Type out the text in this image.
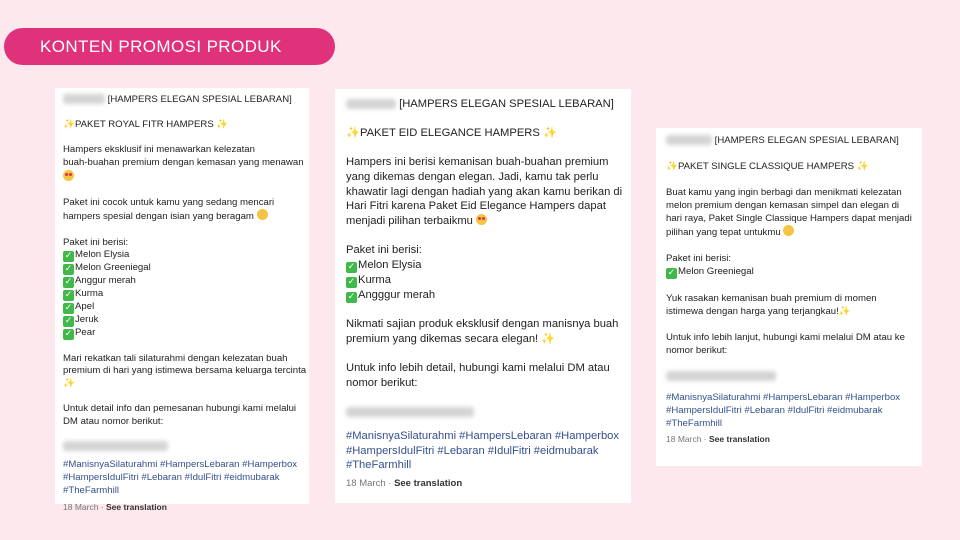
KONTEN PROMOSI PRODUK

[HAMPERS ELEGAN SPESIAL LEBARAN]

✨PAKET ROYAL FITR HAMPERS ✨

Hampers eksklusif ini menawarkan kelezatan
buah-buahan premium dengan kemasan yang menawan

Paket ini cocok untuk kamu yang sedang mencari
hampers spesial dengan isian yang beragam

Paket ini berisi:

✓ Melon Elysia

✓ Melon Greeniegal

✓ Anggur merah

✓ Kurma

✓ Apel

✓ Jeruk

✓ Pear

Mari rekatkan tali silaturahmi dengan kelezatan buah
premium di hari yang istimewa bersama keluarga tercinta
✨

Untuk detail info dan pemesanan hubungi kami melalui
DM atau nomor berikut:

#ManisnyaSilaturahmi #HampersLebaran #Hamperbox
#HampersIdulFitri #Lebaran #IdulFitri #eidmubarak
#TheFarmhill

18 March · See translation

[HAMPERS ELEGAN SPESIAL LEBARAN]

✨PAKET EID ELEGANCE HAMPERS ✨

Hampers ini berisi kemanisan buah-buahan premium
yang dikemas dengan elegan. Jadi, kamu tak perlu
khawatir lagi dengan hadiah yang akan kamu berikan di
Hari Fitri karena Paket Eid Elegance Hampers dapat
menjadi pilihan terbaikmu

Paket ini berisi:

✓ Melon Elysia

✓ Kurma

✓ Angggur merah

Nikmati sajian produk eksklusif dengan manisnya buah
premium yang dikemas secara elegan! ✨

Untuk info lebih detail, hubungi kami melalui DM atau
nomor berikut:

#ManisnyaSilaturahmi #HampersLebaran #Hamperbox
#HampersIdulFitri #Lebaran #IdulFitri #eidmubarak
#TheFarmhill

18 March · See translation

[HAMPERS ELEGAN SPESIAL LEBARAN]

✨PAKET SINGLE CLASSIQUE HAMPERS ✨

Buat kamu yang ingin berbagi dan menikmati kelezatan
melon premium dengan kemasan simpel dan elegan di
hari raya, Paket Single Classique Hampers dapat menjadi
pilihan yang tepat untukmu

Paket ini berisi:

✓ Melon Greeniegal

Yuk rasakan kemanisan buah premium di momen
istimewa dengan harga yang terjangkau!✨

Untuk info lebih lanjut, hubungi kami melalui DM atau ke
nomor berikut:

#ManisnyaSilaturahmi #HampersLebaran #Hamperbox
#HampersIdulFitri #Lebaran #IdulFitri #eidmubarak
#TheFarmhill

18 March · See translation
